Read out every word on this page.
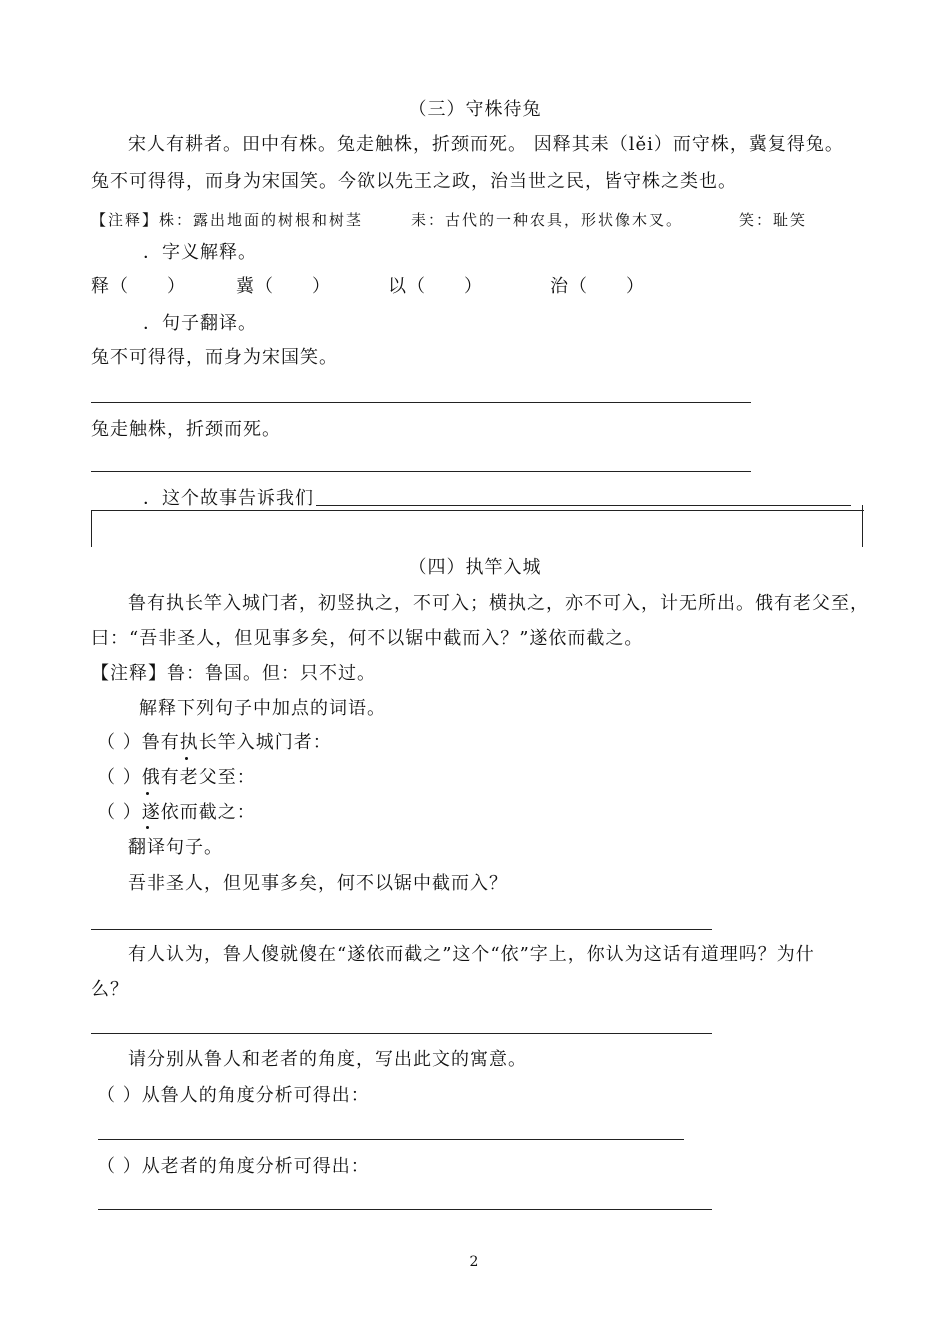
（三）守株待兔
宋人有耕者。田中有株。兔走触株，折颈而死。 因释其耒（lěi）而守株，冀复得兔。
兔不可得得，而身为宋国笑。今欲以先王之政，治当世之民，皆守株之类也。
【注释】株：露出地面的树根和树茎	耒：古代的一种农具，形状像木叉。	笑：耻笑
．字义解释。
释（　　）	冀（　　）	以（　　）	治（　　）
．句子翻译。
兔不可得得，而身为宋国笑。
兔走触株，折颈而死。
．这个故事告诉我们
（四）执竿入城
鲁有执长竿入城门者，初竖执之，不可入；横执之，亦不可入，计无所出。俄有老父至，
曰：“吾非圣人，但见事多矣，何不以锯中截而入？”遂依而截之。
【注释】鲁：鲁国。但：只不过。
解释下列句子中加点的词语。
（ ）鲁有执长竿入城门者：
（ ）俄有老父至：
（ ）遂依而截之：
翻译句子。
吾非圣人，但见事多矣，何不以锯中截而入？
有人认为，鲁人傻就傻在“遂依而截之”这个“依”字上，你认为这话有道理吗？为什
么？
请分别从鲁人和老者的角度，写出此文的寓意。
（ ）从鲁人的角度分析可得出：
（ ）从老者的角度分析可得出：
2
